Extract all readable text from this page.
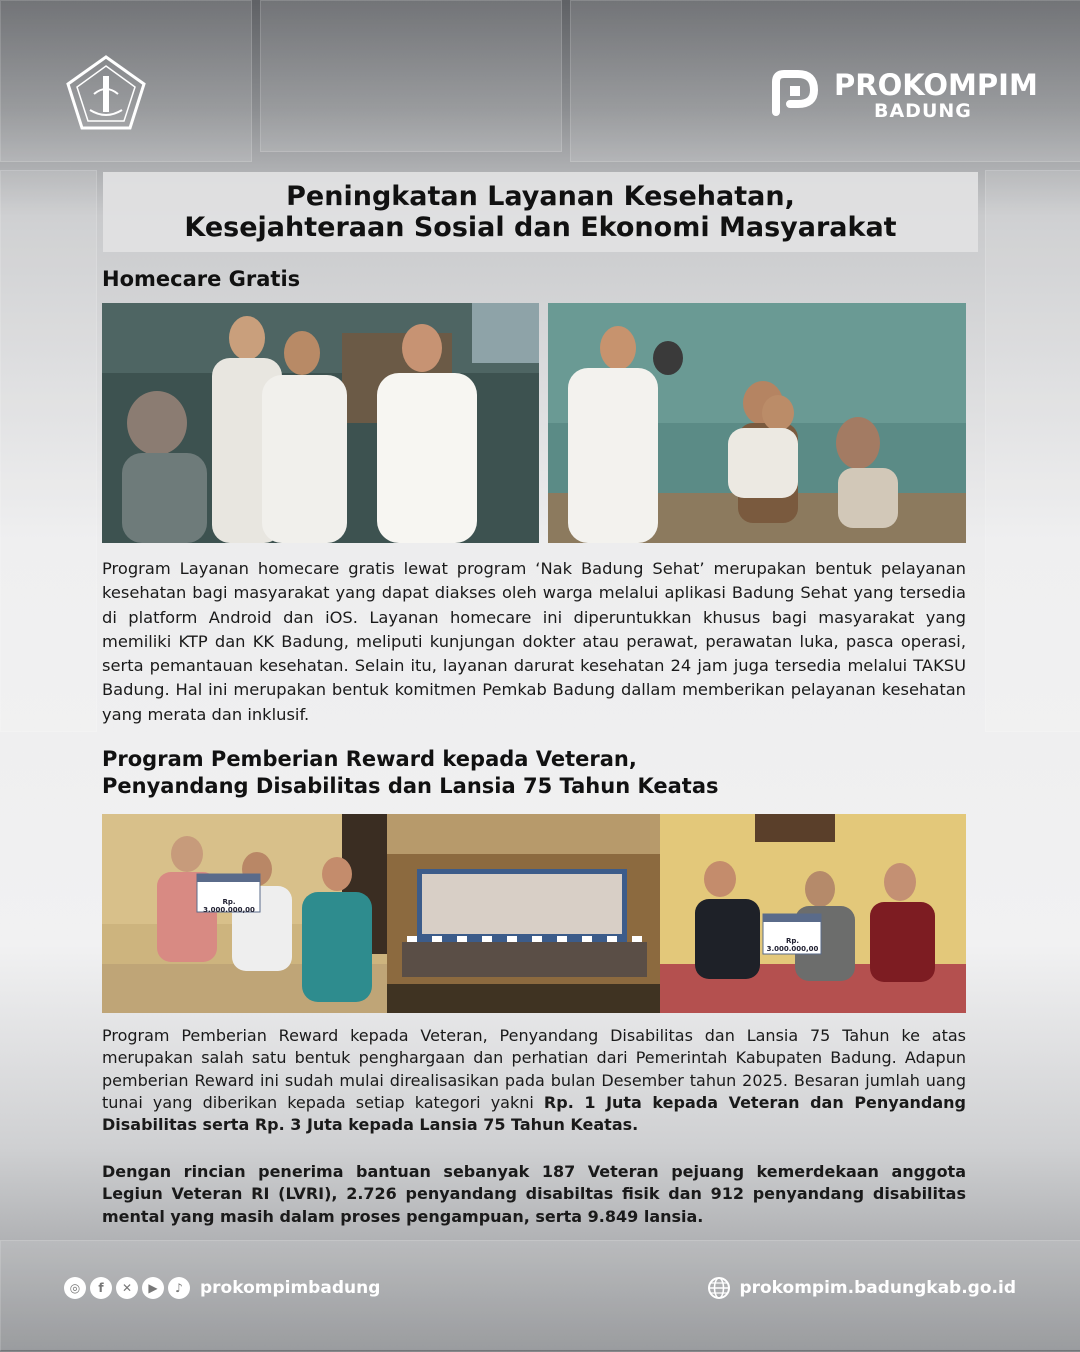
PROKOMPIM
BADUNG
Peningkatan Layanan Kesehatan,
Kesejahteraan Sosial dan Ekonomi Masyarakat
Homecare Gratis
Program Layanan homecare gratis lewat program ‘Nak Badung Sehat’ merupakan bentuk pelayanan kesehatan bagi masyarakat yang dapat diakses oleh warga melalui aplikasi Badung Sehat yang tersedia di platform Android dan iOS. Layanan homecare ini diperuntukkan khusus bagi masyarakat yang memiliki KTP dan KK Badung, meliputi kunjungan dokter atau perawat, perawatan luka, pasca operasi, serta pemantauan kesehatan. Selain itu, layanan darurat kesehatan 24 jam juga tersedia melalui TAKSU Badung. Hal ini merupakan bentuk komitmen Pemkab Badung dallam memberikan pelayanan kesehatan yang merata dan inklusif.
Program Pemberian Reward kepada Veteran,
Penyandang Disabilitas dan Lansia 75 Tahun Keatas
Rp. 3.000.000,00
Rp. 3.000.000,00
Program Pemberian Reward kepada Veteran, Penyandang Disabilitas dan Lansia 75 Tahun ke atas merupakan salah satu bentuk penghargaan dan perhatian dari Pemerintah Kabupaten Badung. Adapun pemberian Reward ini sudah mulai direalisasikan pada bulan Desember tahun 2025. Besaran jumlah uang tunai yang diberikan kepada setiap kategori yakni Rp. 1 Juta kepada Veteran dan Penyandang Disabilitas serta Rp. 3 Juta kepada Lansia 75 Tahun Keatas.
Dengan rincian penerima bantuan sebanyak 187 Veteran pejuang kemerdekaan anggota Legiun Veteran RI (LVRI), 2.726 penyandang disabiltas fisik dan 912 penyandang disabilitas mental yang masih dalam proses pengampuan, serta 9.849 lansia.
◎	f	✕	▶	♪	prokompimbadung	prokompim.badungkab.go.id
